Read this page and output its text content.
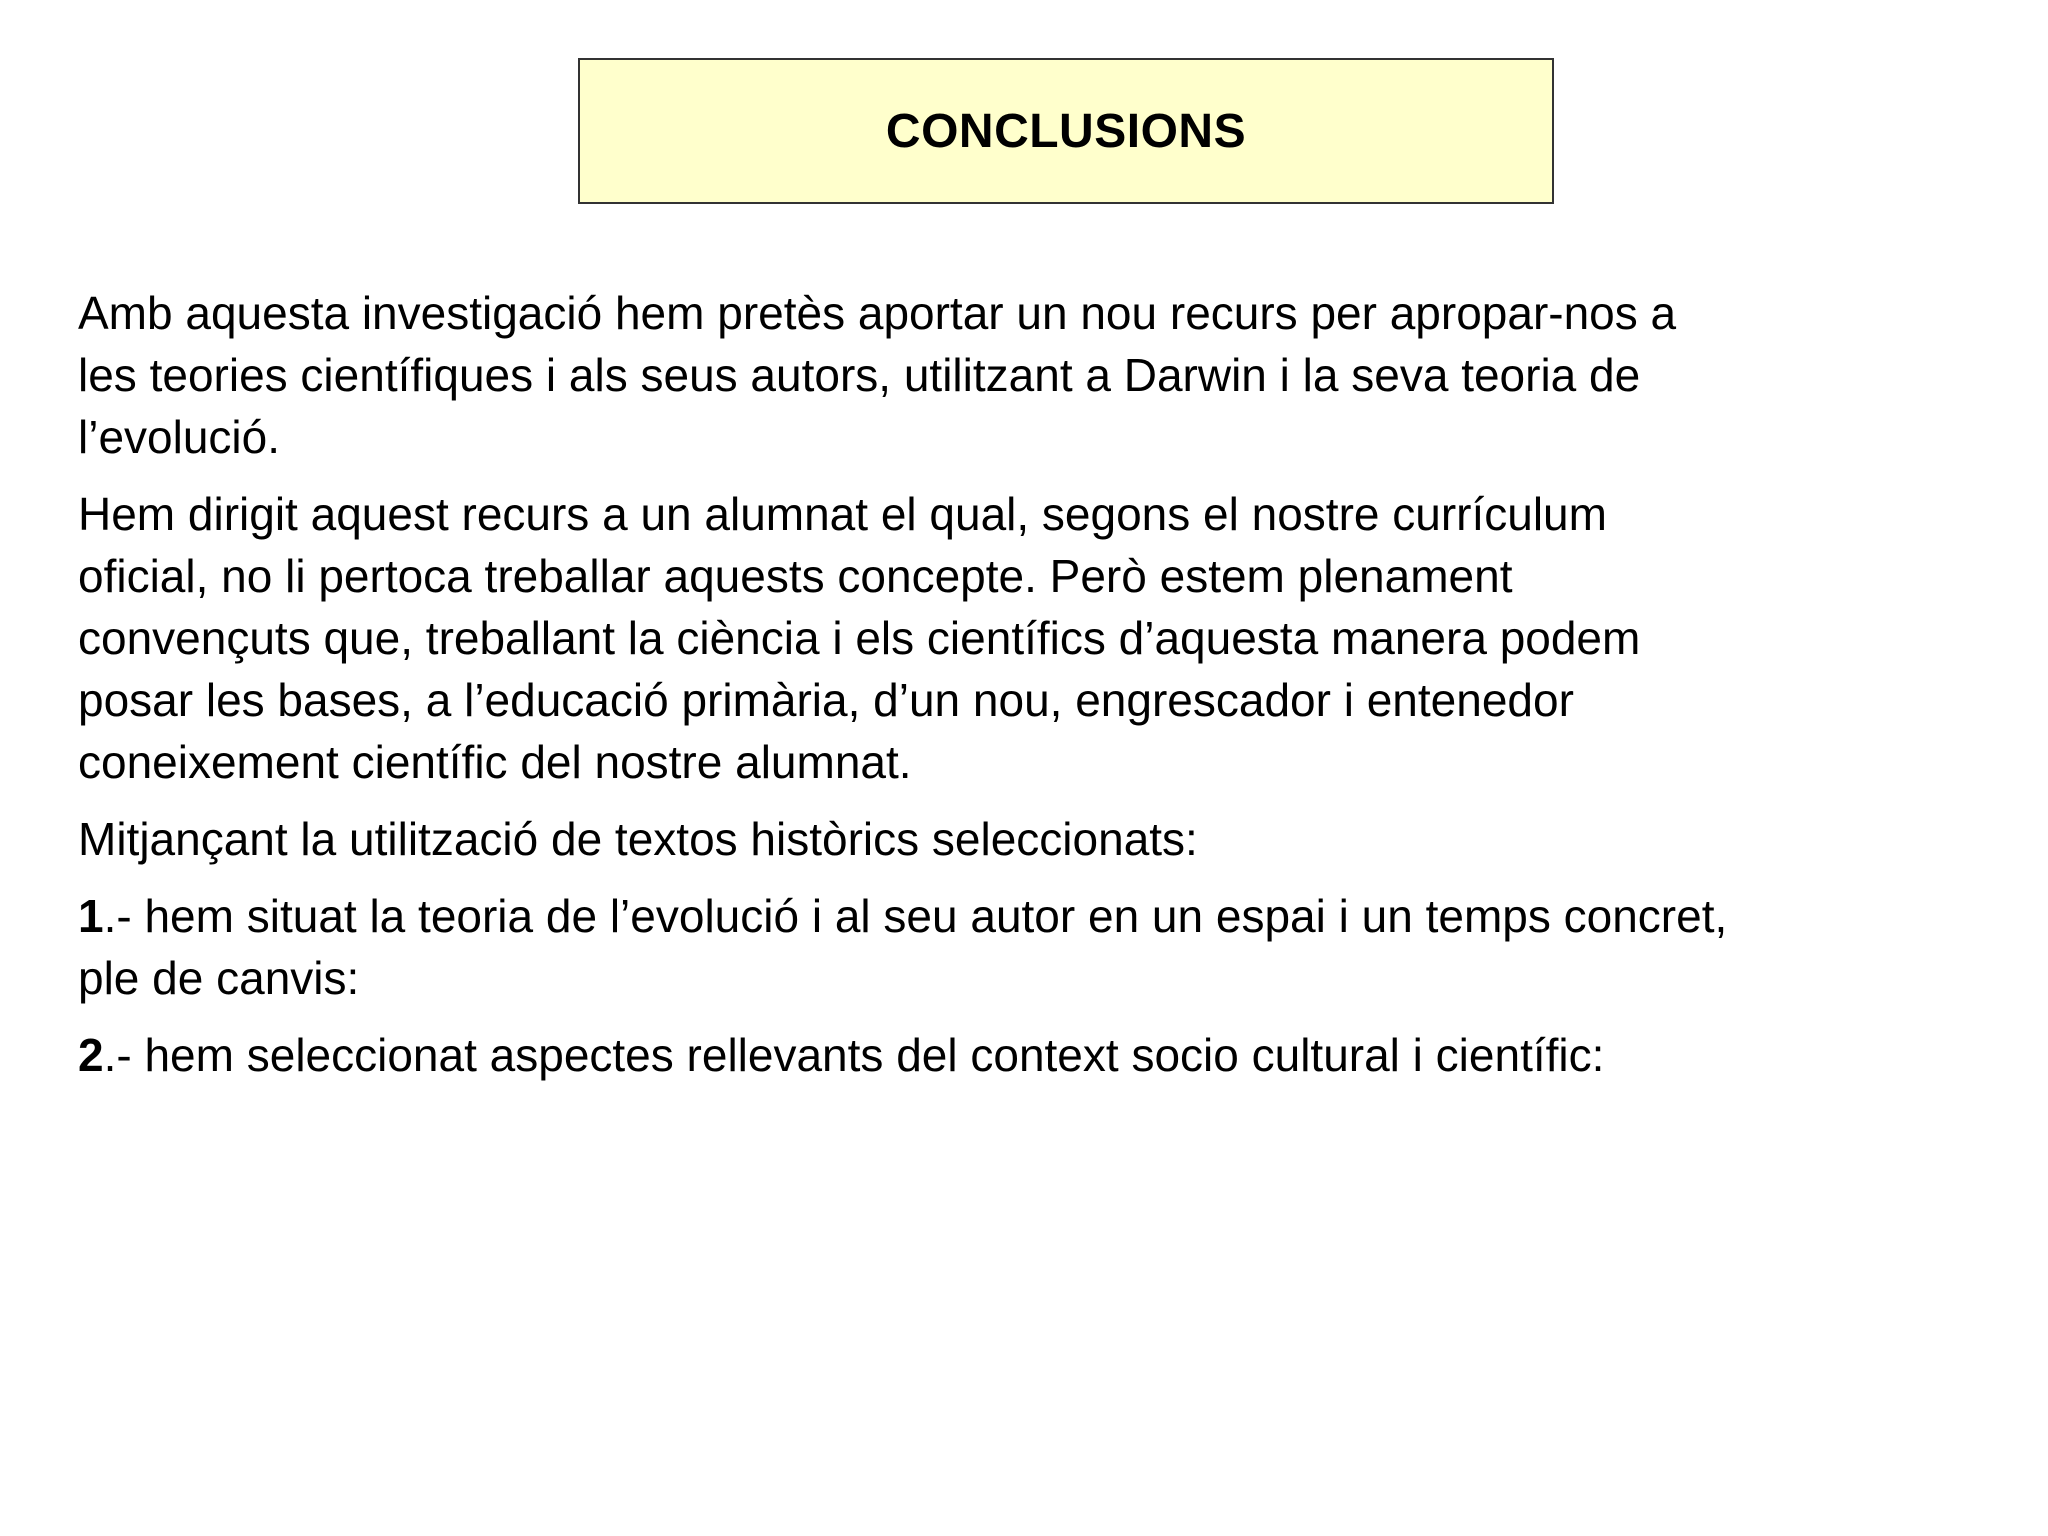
CONCLUSIONS

Amb aquesta investigació hem pretès aportar un nou recurs per apropar-nos a
les teories científiques i als seus autors, utilitzant a Darwin i la seva teoria de
l’evolució.

Hem dirigit aquest recurs a un alumnat el qual, segons el nostre currículum
oficial, no li pertoca treballar aquests concepte. Però estem plenament
convençuts que, treballant la ciència i els científics d’aquesta manera podem
posar les bases, a l’educació primària, d’un nou, engrescador i entenedor
coneixement científic del nostre alumnat.

Mitjançant la utilització de textos històrics seleccionats:

1.- hem situat la teoria de l’evolució i al seu autor en un espai i un temps concret,
ple de canvis:

2.- hem seleccionat aspectes rellevants del context socio cultural i científic:
